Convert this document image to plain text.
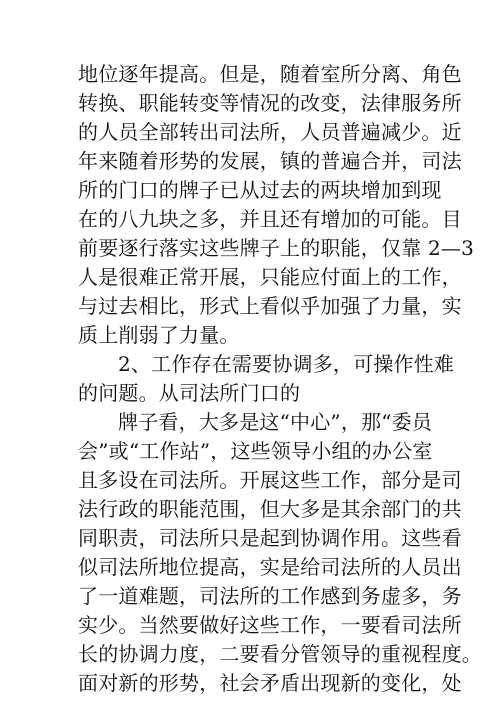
地位逐年提高。但是，随着室所分离、角色
转换、职能转变等情况的改变，法律服务所
的人员全部转出司法所，人员普遍减少。近
年来随着形势的发展，镇的普遍合并，司法
所的门口的牌子已从过去的两块增加到现
在的八九块之多，并且还有增加的可能。目
前要逐行落实这些牌子上的职能，仅靠 2—3
人是很难正常开展，只能应付面上的工作，
与过去相比，形式上看似乎加强了力量，实
质上削弱了力量。
2、工作存在需要协调多，可操作性难
的问题。从司法所门口的
牌子看，大多是这“中心”，那“委员
会”或“工作站”，这些领导小组的办公室
且多设在司法所。开展这些工作，部分是司
法行政的职能范围，但大多是其余部门的共
同职责，司法所只是起到协调作用。这些看
似司法所地位提高，实是给司法所的人员出
了一道难题，司法所的工作感到务虚多，务
实少。当然要做好这些工作，一要看司法所
长的协调力度，二要看分管领导的重视程度。
面对新的形势，社会矛盾出现新的变化，处
